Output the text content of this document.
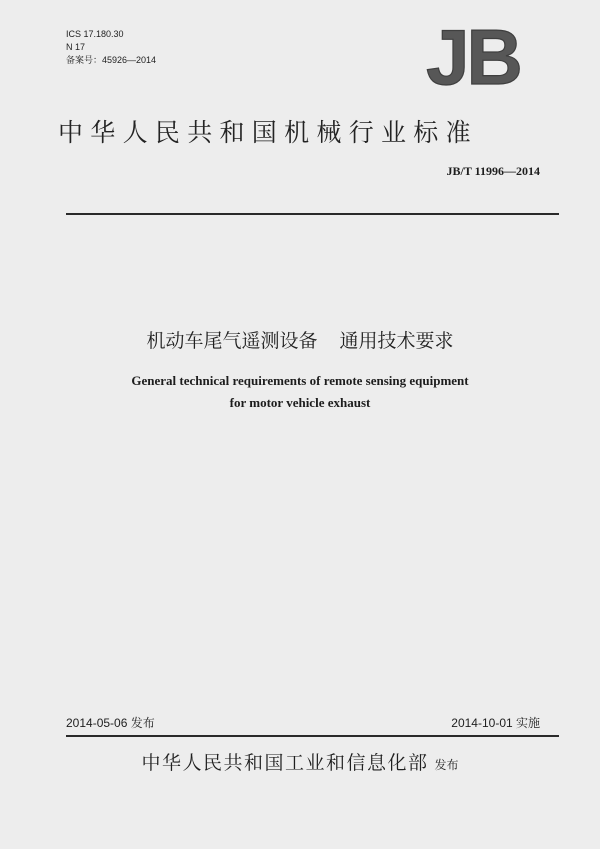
ICS 17.180.30
N 17
备案号：45926—2014	JB
中华人民共和国机械行业标准
JB/T 11996—2014
机动车尾气遥测设备 通用技术要求
General technical requirements of remote sensing equipment
for motor vehicle exhaust
2014-05-06 发布	2014-10-01 实施
中华人民共和国工业和信息化部 发布
